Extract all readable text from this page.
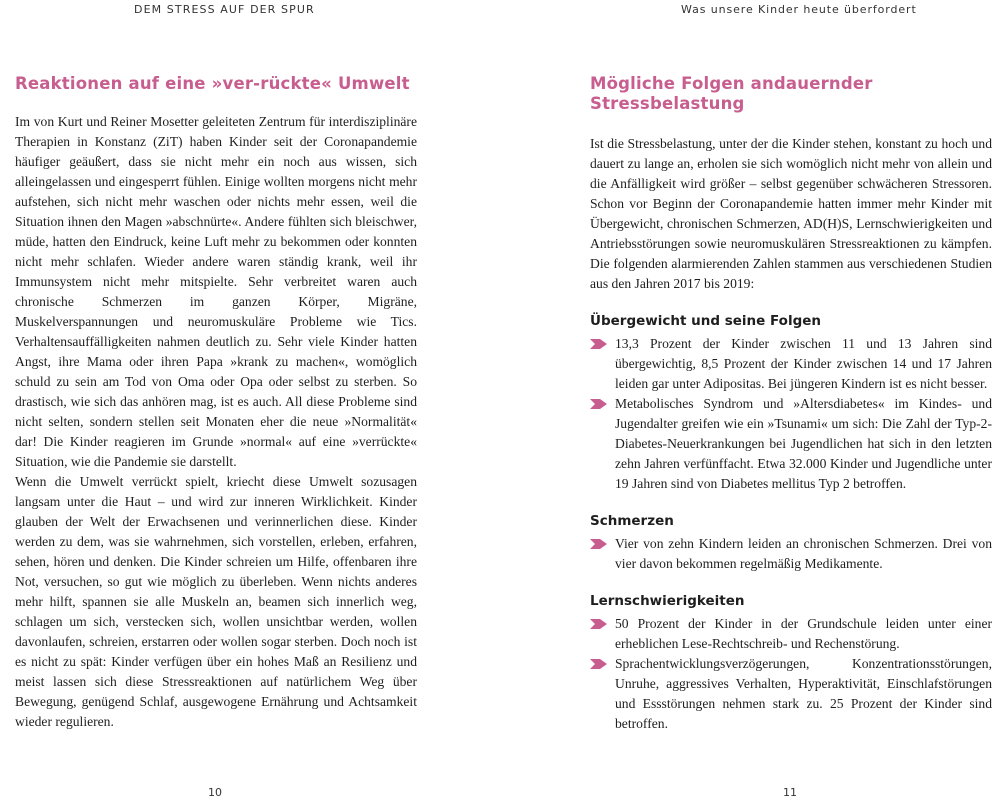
DEM STRESS AUF DER SPUR
Reaktionen auf eine »ver-rückte« Umwelt

Im von Kurt und Reiner Mosetter geleiteten Zentrum für interdisziplinäre Therapien in Konstanz (ZiT) haben Kinder seit der Coronapandemie häufiger geäußert, dass sie nicht mehr ein noch aus wissen, sich alleingelassen und eingesperrt fühlen. Einige wollten morgens nicht mehr aufstehen, sich nicht mehr waschen oder nichts mehr essen, weil die Situation ihnen den Magen »abschnürte«. Andere fühlten sich bleischwer, müde, hatten den Eindruck, keine Luft mehr zu bekommen oder konnten nicht mehr schlafen. Wieder andere waren ständig krank, weil ihr Immunsystem nicht mehr mitspielte. Sehr verbreitet waren auch chronische Schmerzen im ganzen Körper, Migräne, Muskelverspannungen und neuromuskuläre Probleme wie Tics. Verhaltensauffälligkeiten nahmen deutlich zu. Sehr viele Kinder hatten Angst, ihre Mama oder ihren Papa »krank zu machen«, womöglich schuld zu sein am Tod von Oma oder Opa oder selbst zu sterben. So drastisch, wie sich das anhören mag, ist es auch. All diese Probleme sind nicht selten, sondern stellen seit Monaten eher die neue »Normalität« dar! Die Kinder reagieren im Grunde »normal« auf eine »verrückte« Situation, wie die Pandemie sie darstellt.

Wenn die Umwelt verrückt spielt, kriecht diese Umwelt sozusagen langsam unter die Haut – und wird zur inneren Wirklichkeit. Kinder glauben der Welt der Erwachsenen und verinnerlichen diese. Kinder werden zu dem, was sie wahrnehmen, sich vorstellen, erleben, erfahren, sehen, hören und denken. Die Kinder schreien um Hilfe, offenbaren ihre Not, versuchen, so gut wie möglich zu überleben. Wenn nichts anderes mehr hilft, spannen sie alle Muskeln an, beamen sich innerlich weg, schlagen um sich, verstecken sich, wollen unsichtbar werden, wollen davonlaufen, schreien, erstarren oder wollen sogar sterben. Doch noch ist es nicht zu spät: Kinder verfügen über ein hohes Maß an Resilienz und meist lassen sich diese Stressreaktionen auf natürlichem Weg über Bewegung, genügend Schlaf, ausgewogene Ernährung und Achtsamkeit wieder regulieren.

10
Was unsere Kinder heute überfordert
Mögliche Folgen andauernder Stressbelastung

Ist die Stressbelastung, unter der die Kinder stehen, konstant zu hoch und dauert zu lange an, erholen sie sich womöglich nicht mehr von allein und die Anfälligkeit wird größer – selbst gegenüber schwächeren Stressoren. Schon vor Beginn der Coronapandemie hatten immer mehr Kinder mit Übergewicht, chronischen Schmerzen, AD(H)S, Lernschwierigkeiten und Antriebsstörungen sowie neuromuskulären Stressreaktionen zu kämpfen. Die folgenden alarmierenden Zahlen stammen aus verschiedenen Studien aus den Jahren 2017 bis 2019:

Übergewicht und seine Folgen

13,3 Prozent der Kinder zwischen 11 und 13 Jahren sind übergewichtig, 8,5 Prozent der Kinder zwischen 14 und 17 Jahren leiden gar unter Adipositas. Bei jüngeren Kindern ist es nicht besser.

Metabolisches Syndrom und »Altersdiabetes« im Kindes- und Jugendalter greifen wie ein »Tsunami« um sich: Die Zahl der Typ-2-Diabetes-Neuerkrankungen bei Jugendlichen hat sich in den letzten zehn Jahren verfünffacht. Etwa 32.000 Kinder und Jugendliche unter 19 Jahren sind von Diabetes mellitus Typ 2 betroffen.

Schmerzen

Vier von zehn Kindern leiden an chronischen Schmerzen. Drei von vier davon bekommen regelmäßig Medikamente.

Lernschwierigkeiten

50 Prozent der Kinder in der Grundschule leiden unter einer erheblichen Lese-Rechtschreib- und Rechenstörung.

Sprachentwicklungsverzögerungen, Konzentrationsstörungen, Unruhe, aggressives Verhalten, Hyperaktivität, Einschlafstörungen und Essstörungen nehmen stark zu. 25 Prozent der Kinder sind betroffen.

11
